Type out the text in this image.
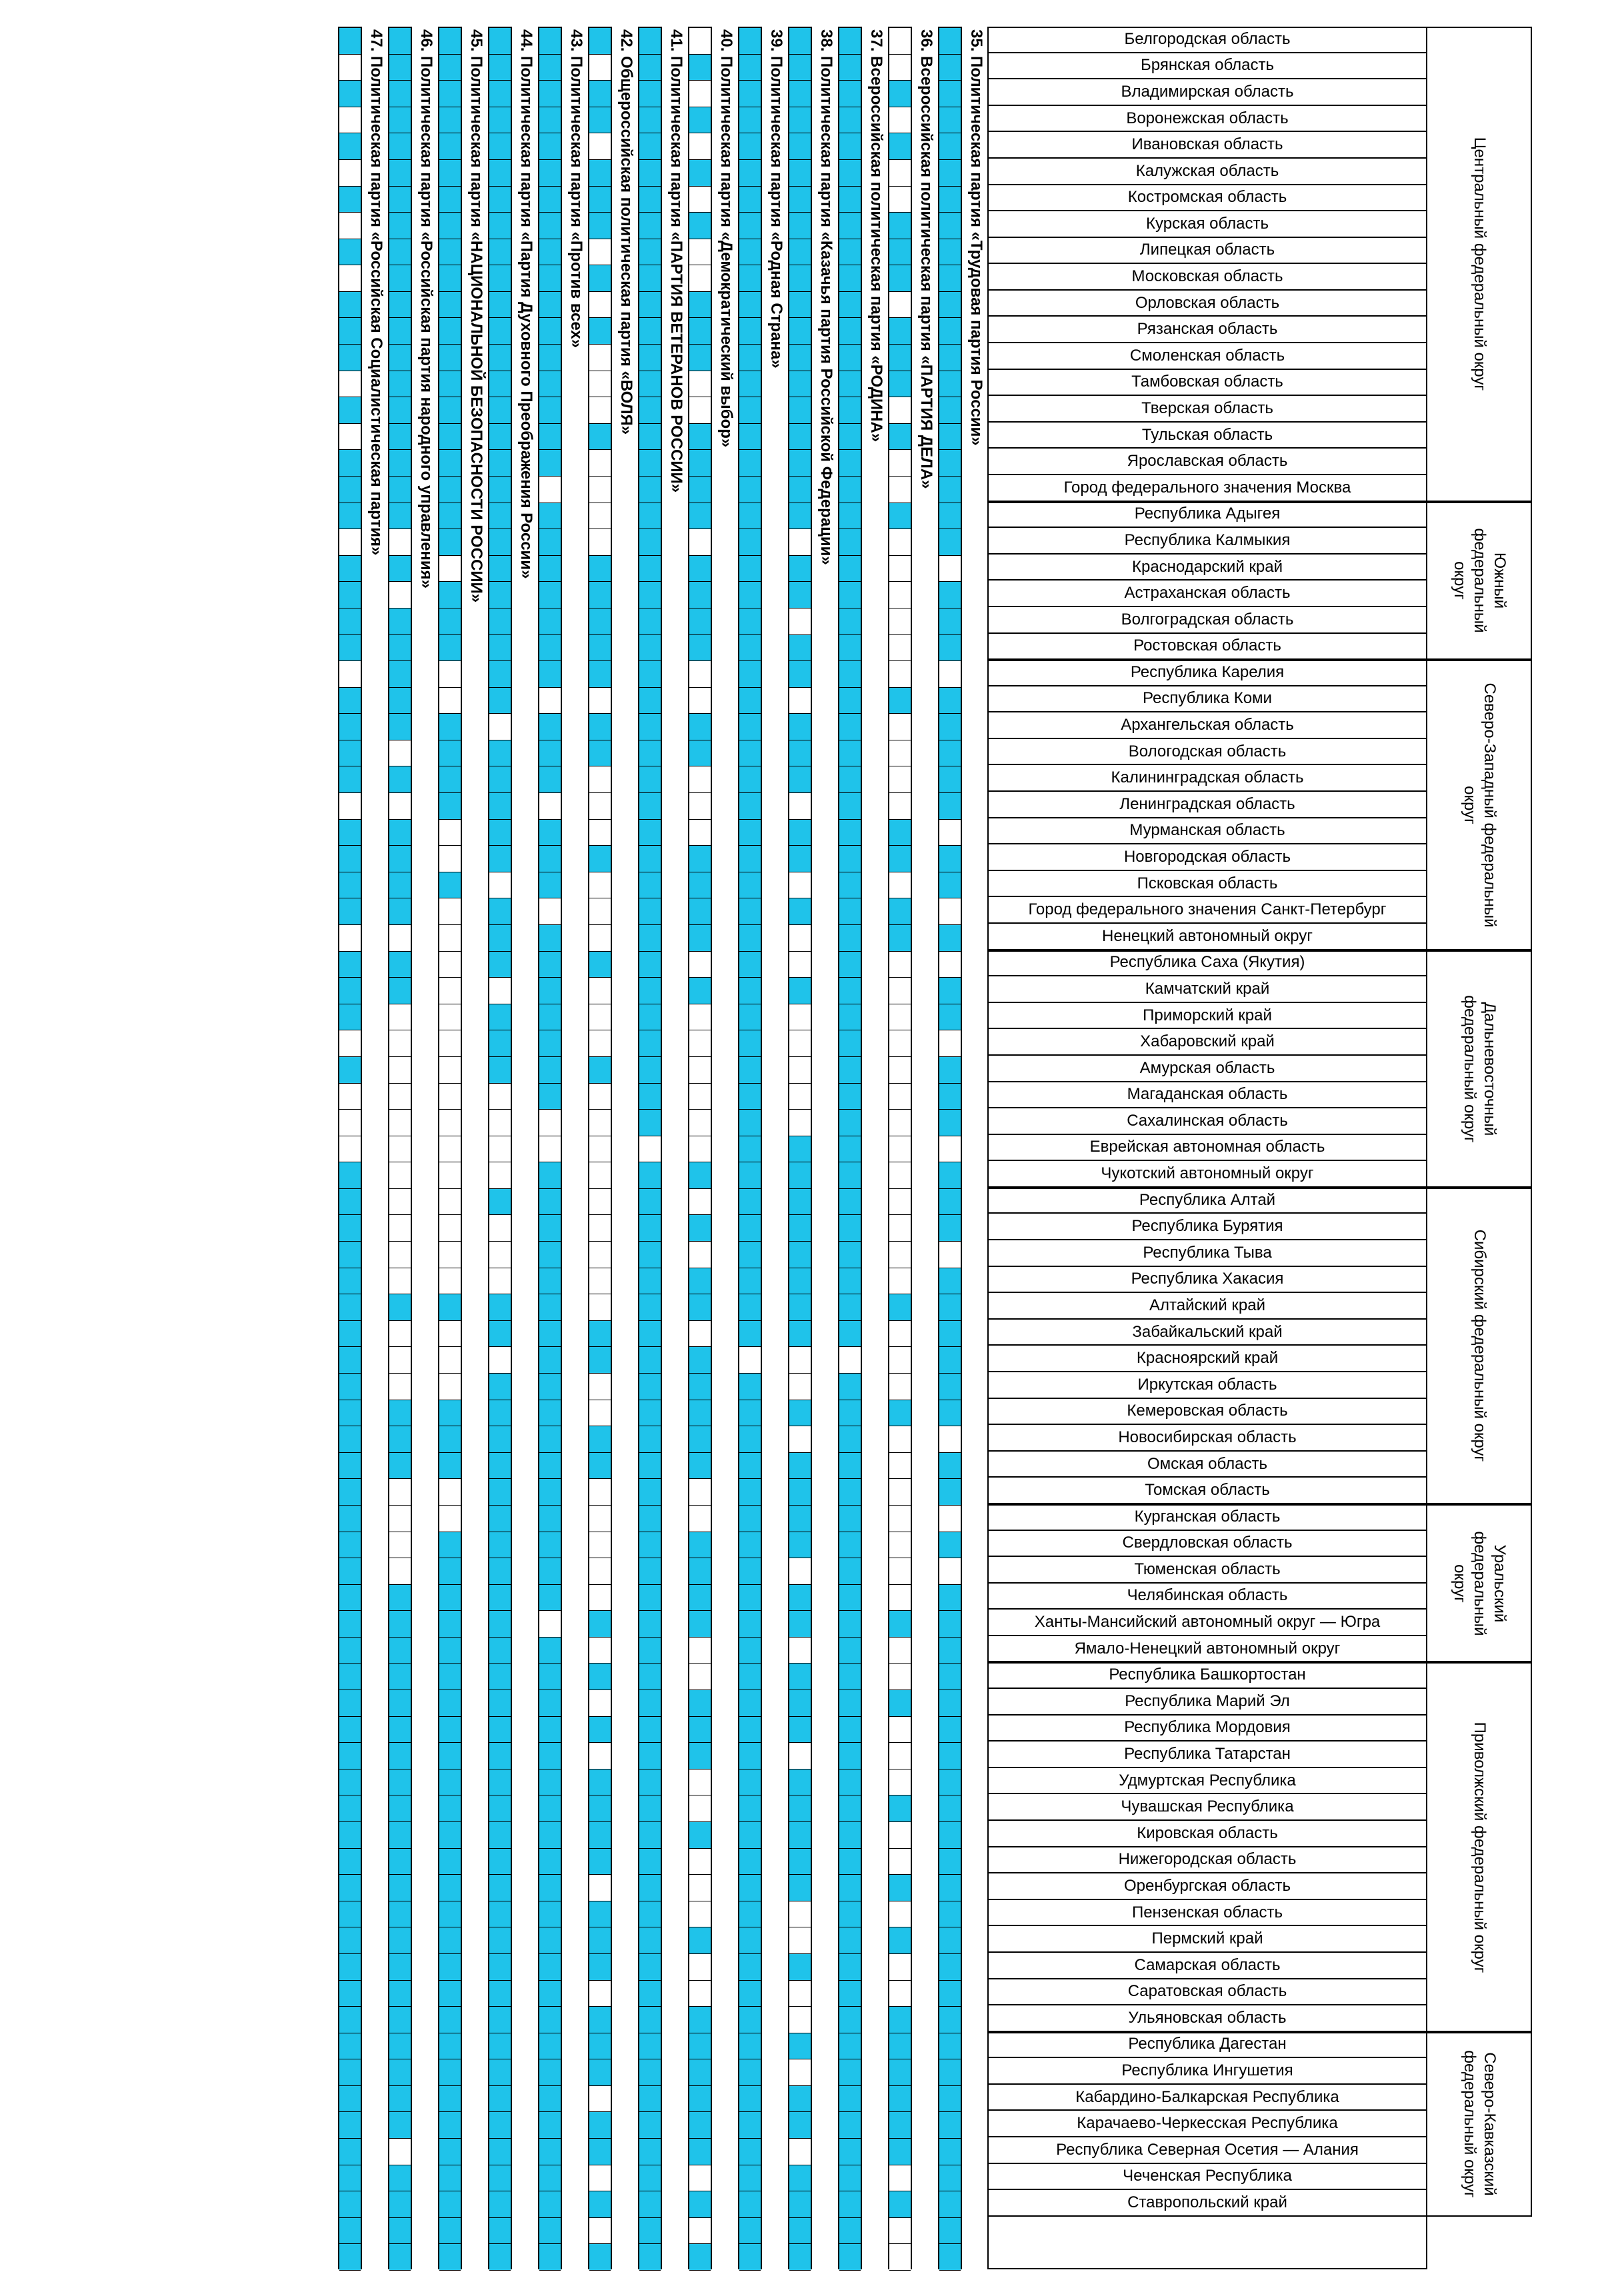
35. Политическая партия «Трудовая партия России»
36. Всероссийская политическая партия «ПАРТИЯ ДЕЛА»
37. Всероссийская политическая партия «РОДИНА»
38. Политическая партия «Казачья партия Российской Федерации»
39. Политическая партия «Родная Страна»
40. Политическая партия «Демократический выбор»
41. Политическая партия «ПАРТИЯ ВЕТЕРАНОВ РОССИИ»
42. Общероссийская политическая партия «ВОЛЯ»
43. Политическая партия «Против всех»
44. Политическая партия «Партия Духовного Преображения России»
45. Политическая партия «НАЦИОНАЛЬНОЙ БЕЗОПАСНОСТИ РОССИИ»
46. Политическая партия «Российская партия народного управления»
47. Политическая партия «Российская Социалистическая партия»	Белгородская область
Брянская область
Владимирская область
Воронежская область
Ивановская область
Калужская область
Костромская область
Курская область
Липецкая область
Московская область
Орловская область
Рязанская область
Смоленская область
Тамбовская область
Тверская область
Тульская область
Ярославская область
Город федерального значения Москва
Республика Адыгея
Республика Калмыкия
Краснодарский край
Астраханская область
Волгоградская область
Ростовская область
Республика Карелия
Республика Коми
Архангельская область
Вологодская область
Калининградская область
Ленинградская область
Мурманская область
Новгородская область
Псковская область
Город федерального значения Санкт-Петербург
Ненецкий автономный округ
Республика Саха (Якутия)
Камчатский край
Приморский край
Хабаровский край
Амурская область
Магаданская область
Сахалинская область
Еврейская автономная область
Чукотский автономный округ
Республика Алтай
Республика Бурятия
Республика Тыва
Республика Хакасия
Алтайский край
Забайкальский край
Красноярский край
Иркутская область
Кемеровская область
Новосибирская область
Омская область
Томская область
Курганская область
Свердловская область
Тюменская область
Челябинская область
Ханты-Мансийский автономный округ — Югра
Ямало-Ненецкий автономный округ
Республика Башкортостан
Республика Марий Эл
Республика Мордовия
Республика Татарстан
Удмуртская Республика
Чувашская Республика
Кировская область
Нижегородская область
Оренбургская область
Пензенская область
Пермский край
Самарская область
Саратовская область
Ульяновская область
Республика Дагестан
Республика Ингушетия
Кабардино-Балкарская Республика
Карачаево-Черкесская Республика
Республика Северная Осетия — Алания
Чеченская Республика
Ставропольский край
Центральный федеральный округ
Южный
федеральный
округ
Северо-Западный федеральный
округ
Дальневосточный
федеральный округ
Сибирский федеральный округ
Уральский
федеральный
округ
Приволжский федеральный округ
Северо-Кавказский
федеральный округ
